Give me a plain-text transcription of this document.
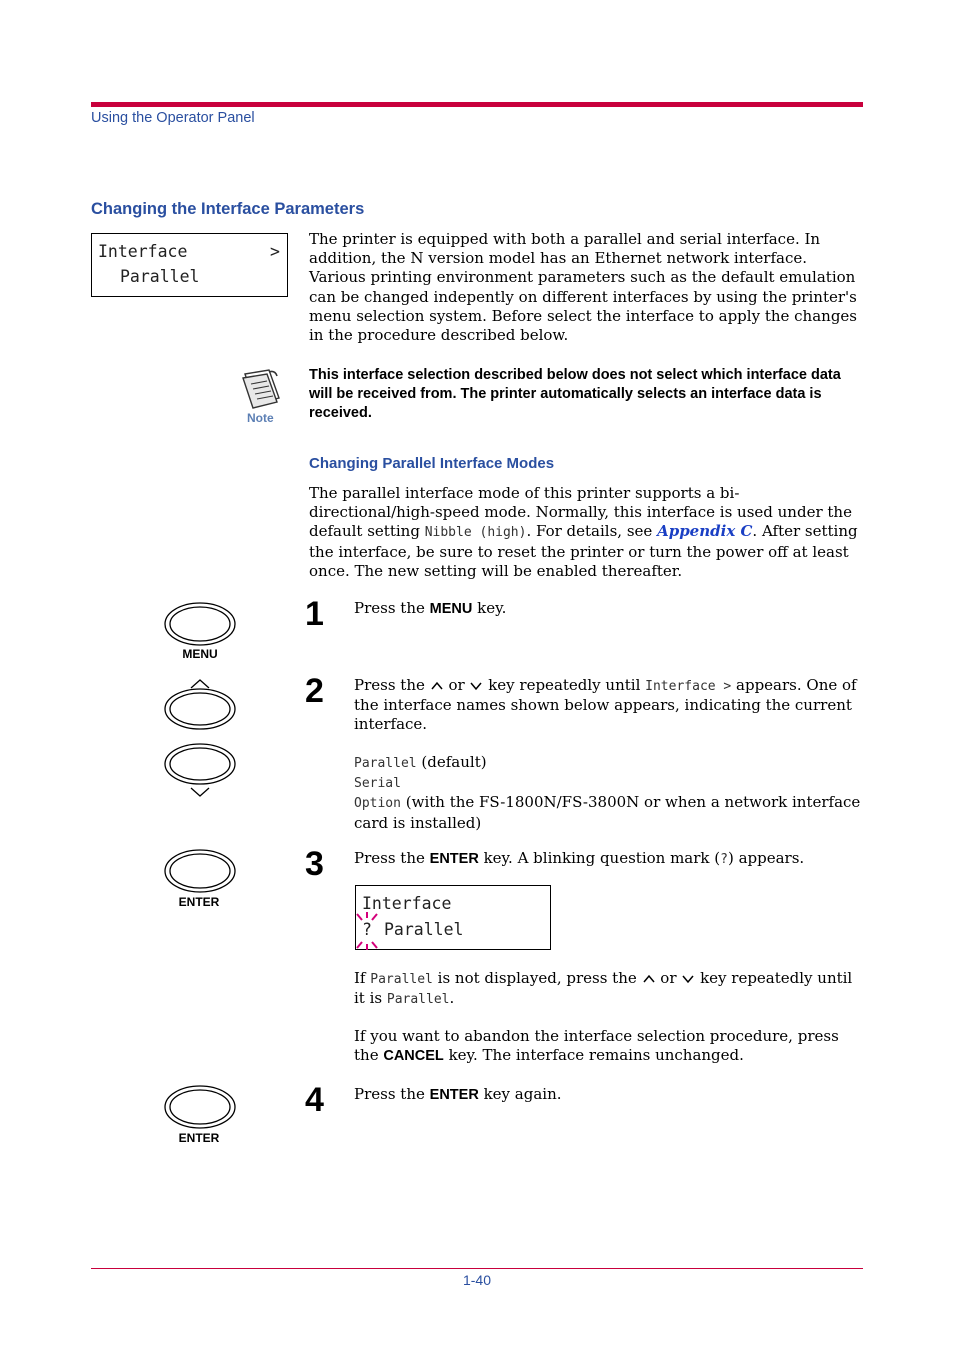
Using the Operator Panel
Changing the Interface Parameters
Interface	>
Parallel
The printer is equipped with both a parallel and serial interface. In addition, the N version model has an Ethernet network interface. Various printing environment parameters such as the default emulation can be changed indepently on different interfaces by using the printer's menu selection system. Before select the interface to apply the changes in the procedure described below.
Note
This interface selection described below does not select which interface data will be received from. The printer automatically selects an interface data is received.
Changing Parallel Interface Modes
The parallel interface mode of this printer supports a bi-directional/high-speed mode. Normally, this interface is used under the default setting Nibble (high). For details, see Appendix C. After setting the interface, be sure to reset the printer or turn the power off at least once. The new setting will be enabled thereafter.
MENU
ENTER
ENTER
1 Press the MENU key.
2 Press the or key repeatedly until Interface > appears. One of the interface names shown below appears, indicating the current interface.
Parallel (default)
Serial
Option (with the FS-1800N/FS-3800N or when a network interface card is installed)
3 Press the ENTER key. A blinking question mark (?) appears.
Interface
? Parallel
If Parallel is not displayed, press the or key repeatedly until it is Parallel.
If you want to abandon the interface selection procedure, press the CANCEL key. The interface remains unchanged.
4 Press the ENTER key again.
1-40
